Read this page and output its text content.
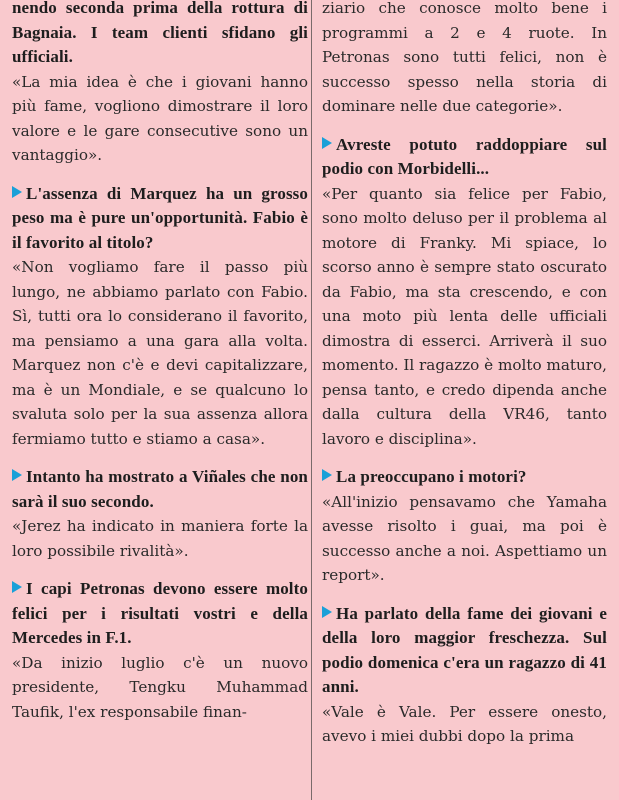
nendo seconda prima della rottura di Bagnaia. I team clienti sfidano gli ufficiali.

«La mia idea è che i giovani hanno più fame, vogliono dimostrare il loro valore e le gare consecutive sono un vantaggio».

L'assenza di Marquez ha un grosso peso ma è pure un'opportunità. Fabio è il favorito al titolo?

«Non vogliamo fare il passo più lungo, ne abbiamo parlato con Fabio. Sì, tutti ora lo considerano il favorito, ma pensiamo a una gara alla volta. Marquez non c'è e devi capitalizzare, ma è un Mondiale, e se qualcuno lo svaluta solo per la sua assenza allora fermiamo tutto e stiamo a casa».

Intanto ha mostrato a Viñales che non sarà il suo secondo.

«Jerez ha indicato in maniera forte la loro possibile rivalità».

I capi Petronas devono essere molto felici per i risultati vostri e della Mercedes in F.1.

«Da inizio luglio c'è un nuovo presidente, Tengku Muhammad Taufik, l'ex responsabile finan-

ziario che conosce molto bene i programmi a 2 e 4 ruote. In Petronas sono tutti felici, non è successo spesso nella storia di dominare nelle due categorie».

Avreste potuto raddoppiare sul podio con Morbidelli...

«Per quanto sia felice per Fabio, sono molto deluso per il problema al motore di Franky. Mi spiace, lo scorso anno è sempre stato oscurato da Fabio, ma sta crescendo, e con una moto più lenta delle ufficiali dimostra di esserci. Arriverà il suo momento. Il ragazzo è molto maturo, pensa tanto, e credo dipenda anche dalla cultura della VR46, tanto lavoro e disciplina».

La preoccupano i motori?

«All'inizio pensavamo che Yamaha avesse risolto i guai, ma poi è successo anche a noi. Aspettiamo un report».

Ha parlato della fame dei giovani e della loro maggior freschezza. Sul podio domenica c'era un ragazzo di 41 anni.

«Vale è Vale. Per essere onesto, avevo i miei dubbi dopo la prima
